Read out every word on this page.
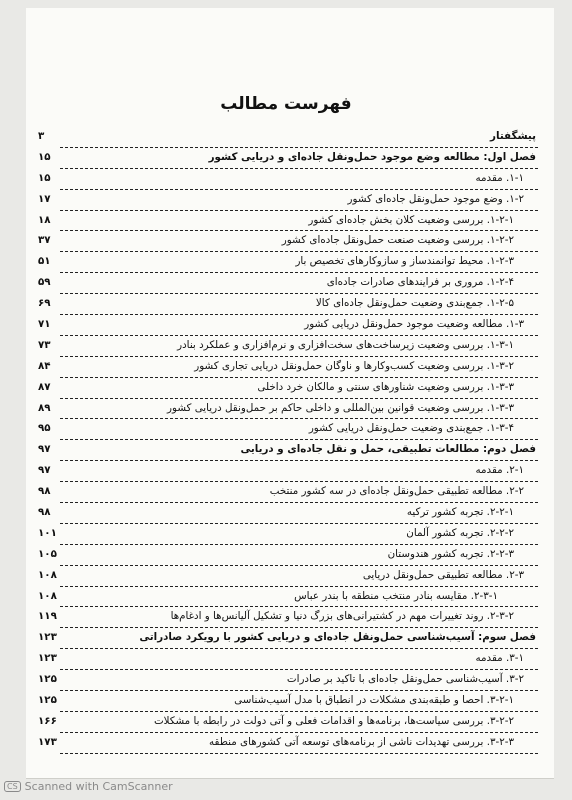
فهرست مطالب
پیشگفتار
۳
فصل اول: مطالعه وضع موجود حمل‌ونقل جاده‌ای و دریایی کشور
۱۵
۱-۱. مقدمه
۱۵
۱-۲. وضع موجود حمل‌ونقل جاده‌ای کشور
۱۷
۱-۲-۱. بررسی وضعیت کلان بخش جاده‌ای کشور
۱۸
۱-۲-۲. بررسی وضعیت صنعت حمل‌ونقل جاده‌ای کشور
۳۷
۱-۲-۳. محیط توانمندساز و سازوکارهای تخصیص بار
۵۱
۱-۲-۴. مروری بر فرایندهای صادرات جاده‌ای
۵۹
۱-۲-۵. جمع‌بندی وضعیت حمل‌ونقل جاده‌ای کالا
۶۹
۱-۳. مطالعه وضعیت موجود حمل‌ونقل دریایی کشور
۷۱
۱-۳-۱. بررسی وضعیت زیرساخت‌های سخت‌افزاری و نرم‌افزاری و عملکرد بنادر
۷۳
۱-۳-۲. بررسی وضعیت کسب‌وکارها و ناوگان حمل‌ونقل دریایی تجاری کشور
۸۴
۱-۳-۳. بررسی وضعیت شناورهای سنتی و مالکان خرد داخلی
۸۷
۱-۳-۳. بررسی وضعیت قوانین بین‌المللی و داخلی حاکم بر حمل‌ونقل دریایی کشور
۸۹
۱-۳-۴. جمع‌بندی وضعیت حمل‌ونقل دریایی کشور
۹۵
فصل دوم: مطالعات تطبیقی، حمل و نقل جاده‌ای و دریایی
۹۷
۲-۱. مقدمه
۹۷
۲-۲. مطالعه تطبیقی حمل‌ونقل جاده‌ای در سه کشور منتخب
۹۸
۲-۲-۱. تجربه کشور ترکیه
۹۸
۲-۲-۲. تجربه کشور آلمان
۱۰۱
۲-۲-۳. تجربه کشور هندوستان
۱۰۵
۲-۳. مطالعه تطبیقی حمل‌ونقل دریایی
۱۰۸
۲-۳-۱. مقایسه بنادر منتخب منطقه با بندر عباس
۱۰۸
۲-۳-۲. روند تغییرات مهم در کشتیرانی‌های بزرگ دنیا و تشکیل آلیانس‌ها و ادغام‌ها
۱۱۹
فصل سوم: آسیب‌شناسی حمل‌ونقل جاده‌ای و دریایی کشور با رویکرد صادراتی
۱۲۳
۳-۱. مقدمه
۱۲۳
۳-۲. آسیب‌شناسی حمل‌ونقل جاده‌ای با تاکید بر صادرات
۱۲۵
۳-۲-۱. احصا و طبقه‌بندی مشکلات در انطباق با مدل آسیب‌شناسی
۱۲۵
۳-۲-۲. بررسی سیاست‌ها، برنامه‌ها و اقدامات فعلی و آتی دولت در رابطه با مشکلات
۱۶۶
۳-۲-۳. بررسی تهدیدات ناشی از برنامه‌های توسعه آتی کشورهای منطقه
۱۷۳
CS Scanned with CamScanner
